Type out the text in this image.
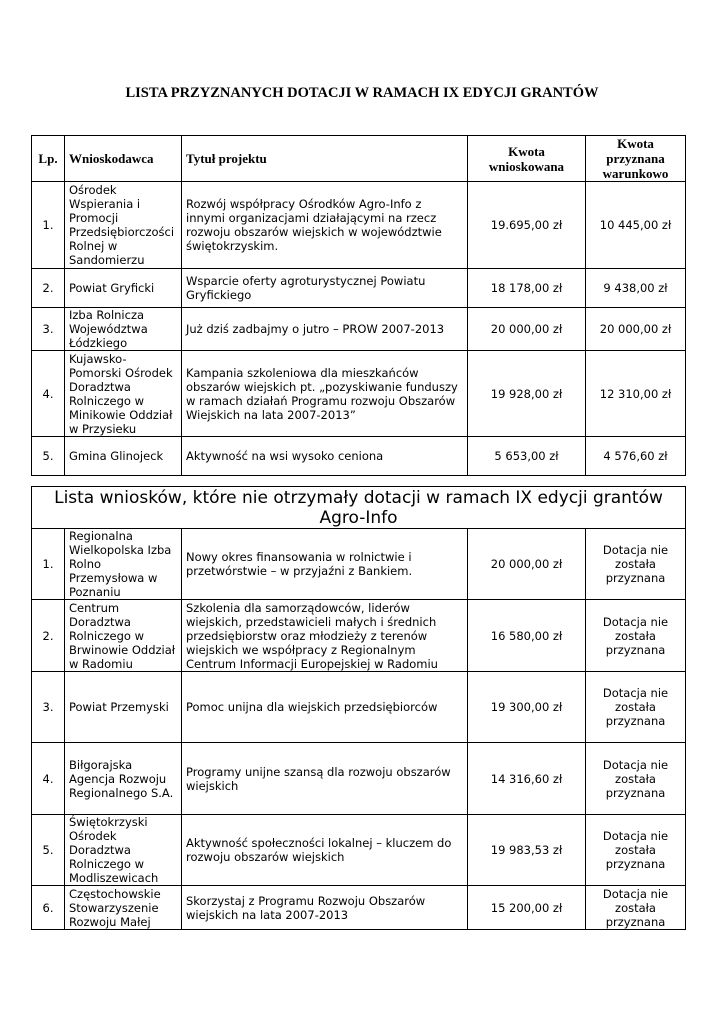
LISTA PRZYZNANYCH DOTACJI W RAMACH IX EDYCJI GRANTÓW
Lp.	Wnioskodawca	Tytuł projektu	Kwota wnioskowana	Kwota przyznana warunkowo
1.	Ośrodek Wspierania i Promocji Przedsiębiorczości Rolnej w Sandomierzu	Rozwój współpracy Ośrodków Agro-Info z innymi organizacjami działającymi na rzecz rozwoju obszarów wiejskich w województwie świętokrzyskim.	19.695,00 zł	10 445,00 zł
2.	Powiat Gryficki	Wsparcie oferty agroturystycznej Powiatu Gryfickiego	18 178,00 zł	9 438,00 zł
3.	Izba Rolnicza Województwa Łódzkiego	Już dziś zadbajmy o jutro – PROW 2007-2013	20 000,00 zł	20 000,00 zł
4.	Kujawsko-Pomorski Ośrodek Doradztwa Rolniczego w Minikowie Oddział w Przysieku	Kampania szkoleniowa dla mieszkańców obszarów wiejskich pt. „pozyskiwanie funduszy w ramach działań Programu rozwoju Obszarów Wiejskich na lata 2007-2013”	19 928,00 zł	12 310,00 zł
5.	Gmina Glinojeck	Aktywność na wsi wysoko ceniona	5 653,00 zł	4 576,60 zł
Lista wniosków, które nie otrzymały dotacji w ramach IX edycji grantów Agro-Info				
1.	Regionalna Wielkopolska Izba Rolno Przemysłowa w Poznaniu	Nowy okres finansowania w rolnictwie i przetwórstwie – w przyjaźni z Bankiem.	20 000,00 zł	Dotacja nie została przyznana
2.	Centrum Doradztwa Rolniczego w Brwinowie Oddział w Radomiu	Szkolenia dla samorządowców, liderów wiejskich, przedstawicieli małych i średnich przedsiębiorstw oraz młodzieży z terenów wiejskich we współpracy z Regionalnym Centrum Informacji Europejskiej w Radomiu	16 580,00 zł	Dotacja nie została przyznana
3.	Powiat Przemyski	Pomoc unijna dla wiejskich przedsiębiorców	19 300,00 zł	Dotacja nie została przyznana
4.	Biłgorajska Agencja Rozwoju Regionalnego S.A.	Programy unijne szansą dla rozwoju obszarów wiejskich	14 316,60 zł	Dotacja nie została przyznana
5.	Świętokrzyski Ośrodek Doradztwa Rolniczego w Modliszewicach	Aktywność społeczności lokalnej – kluczem do rozwoju obszarów wiejskich	19 983,53 zł	Dotacja nie została przyznana
6.	Częstochowskie Stowarzyszenie Rozwoju Małej	Skorzystaj z Programu Rozwoju Obszarów wiejskich na lata 2007-2013	15 200,00 zł	Dotacja nie została przyznana
